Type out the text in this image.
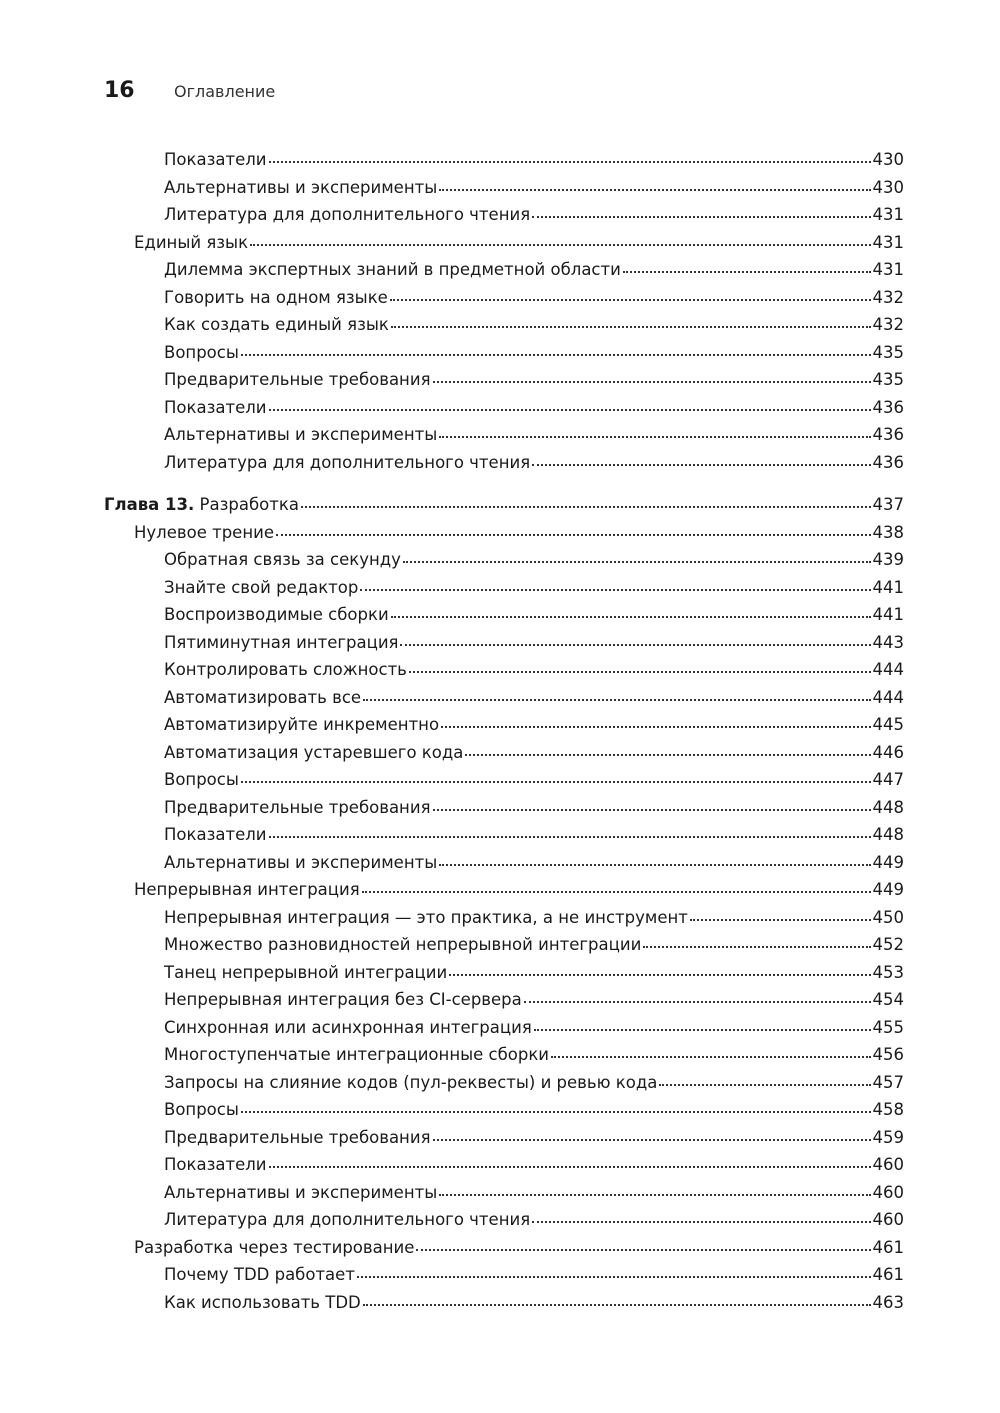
16	Оглавление
Показатели	430
Альтернативы и эксперименты	430
Литература для дополнительного чтения	431
Единый язык	431
Дилемма экспертных знаний в предметной области	431
Говорить на одном языке	432
Как создать единый язык	432
Вопросы	435
Предварительные требования	435
Показатели	436
Альтернативы и эксперименты	436
Литература для дополнительного чтения	436
Глава 13. Разработка	437
Нулевое трение	438
Обратная связь за секунду	439
Знайте свой редактор	441
Воспроизводимые сборки	441
Пятиминутная интеграция	443
Контролировать сложность	444
Автоматизировать все	444
Автоматизируйте инкрементно	445
Автоматизация устаревшего кода	446
Вопросы	447
Предварительные требования	448
Показатели	448
Альтернативы и эксперименты	449
Непрерывная интеграция	449
Непрерывная интеграция — это практика, а не инструмент	450
Множество разновидностей непрерывной интеграции	452
Танец непрерывной интеграции	453
Непрерывная интеграция без CI-сервера	454
Синхронная или асинхронная интеграция	455
Многоступенчатые интеграционные сборки	456
Запросы на слияние кодов (пул-реквесты) и ревью кода	457
Вопросы	458
Предварительные требования	459
Показатели	460
Альтернативы и эксперименты	460
Литература для дополнительного чтения	460
Разработка через тестирование	461
Почему TDD работает	461
Как использовать TDD	463
